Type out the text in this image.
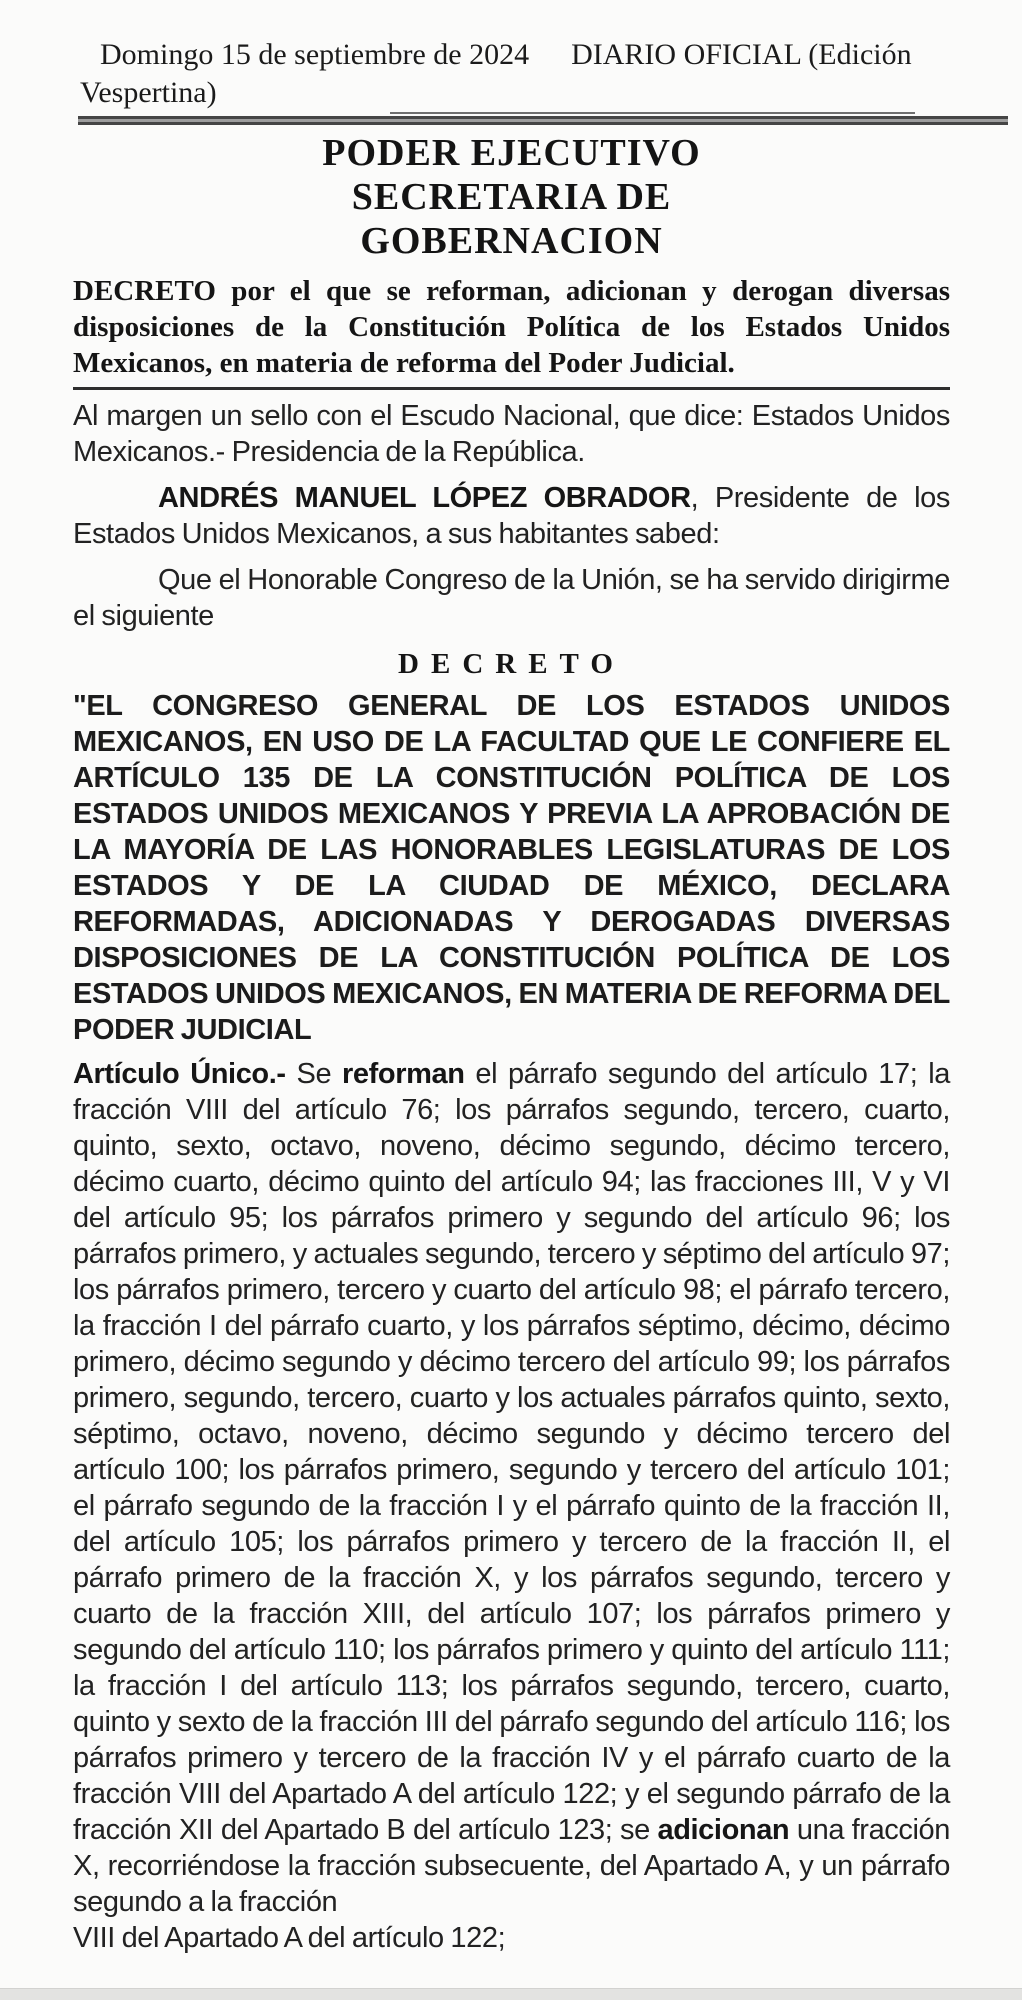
Domingo 15 de septiembre de 2024 DIARIO OFICIAL (Edición
Vespertina)
PODER EJECUTIVO
SECRETARIA DE
GOBERNACION
DECRETO por el que se reforman, adicionan y derogan diversas disposiciones de la Constitución Política de los Estados Unidos Mexicanos, en materia de reforma del Poder Judicial.
Al margen un sello con el Escudo Nacional, que dice: Estados Unidos Mexicanos.- Presidencia de la República.
ANDRÉS MANUEL LÓPEZ OBRADOR, Presidente de los Estados Unidos Mexicanos, a sus habitantes sabed:
Que el Honorable Congreso de la Unión, se ha servido dirigirme el siguiente
DECRETO
"EL CONGRESO GENERAL DE LOS ESTADOS UNIDOS MEXICANOS, EN USO DE LA FACULTAD QUE LE CONFIERE EL ARTÍCULO 135 DE LA CONSTITUCIÓN POLÍTICA DE LOS ESTADOS UNIDOS MEXICANOS Y PREVIA LA APROBACIÓN DE LA MAYORÍA DE LAS HONORABLES LEGISLATURAS DE LOS ESTADOS Y DE LA CIUDAD DE MÉXICO, DECLARA REFORMADAS, ADICIONADAS Y DEROGADAS DIVERSAS DISPOSICIONES DE LA CONSTITUCIÓN POLÍTICA DE LOS ESTADOS UNIDOS MEXICANOS, EN MATERIA DE REFORMA DEL PODER JUDICIAL
Artículo Único.- Se reforman el párrafo segundo del artículo 17; la fracción VIII del artículo 76; los párrafos segundo, tercero, cuarto, quinto, sexto, octavo, noveno, décimo segundo, décimo tercero, décimo cuarto, décimo quinto del artículo 94; las fracciones III, V y VI del artículo 95; los párrafos primero y segundo del artículo 96; los párrafos primero, y actuales segundo, tercero y séptimo del artículo 97; los párrafos primero, tercero y cuarto del artículo 98; el párrafo tercero, la fracción I del párrafo cuarto, y los párrafos séptimo, décimo, décimo primero, décimo segundo y décimo tercero del artículo 99; los párrafos primero, segundo, tercero, cuarto y los actuales párrafos quinto, sexto, séptimo, octavo, noveno, décimo segundo y décimo tercero del artículo 100; los párrafos primero, segundo y tercero del artículo 101; el párrafo segundo de la fracción I y el párrafo quinto de la fracción II, del artículo 105; los párrafos primero y tercero de la fracción II, el párrafo primero de la fracción X, y los párrafos segundo, tercero y cuarto de la fracción XIII, del artículo 107; los párrafos primero y segundo del artículo 110; los párrafos primero y quinto del artículo 111; la fracción I del artículo 113; los párrafos segundo, tercero, cuarto, quinto y sexto de la fracción III del párrafo segundo del artículo 116; los párrafos primero y tercero de la fracción IV y el párrafo cuarto de la fracción VIII del Apartado A del artículo 122; y el segundo párrafo de la fracción XII del Apartado B del artículo 123; se adicionan una fracción X, recorriéndose la fracción subsecuente, del Apartado A, y un párrafo segundo a la fracción
VIII del Apartado A del artículo 122;
